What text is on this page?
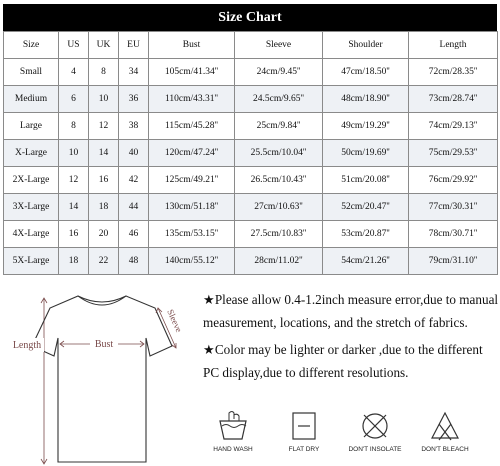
Size Chart
Size	US	UK	EU	Bust	Sleeve	Shoulder	Length
Small	4	8	34	105cm/41.34''	24cm/9.45''	47cm/18.50''	72cm/28.35''
Medium	6	10	36	110cm/43.31''	24.5cm/9.65''	48cm/18.90''	73cm/28.74''
Large	8	12	38	115cm/45.28''	25cm/9.84''	49cm/19.29''	74cm/29.13''
X-Large	10	14	40	120cm/47.24''	25.5cm/10.04''	50cm/19.69''	75cm/29.53''
2X-Large	12	16	42	125cm/49.21''	26.5cm/10.43''	51cm/20.08''	76cm/29.92''
3X-Large	14	18	44	130cm/51.18''	27cm/10.63''	52cm/20.47''	77cm/30.31''
4X-Large	16	20	46	135cm/53.15''	27.5cm/10.83''	53cm/20.87''	78cm/30.71''
5X-Large	18	22	48	140cm/55.12''	28cm/11.02''	54cm/21.26''	79cm/31.10''
Bust
Sleeve
Length

★Please allow 0.4-1.2inch measure error,due to manual measurement, locations, and the stretch of fabrics.

★Color may be lighter or darker ,due to the different PC display,due to different resolutions.

HAND WASH	FLAT DRY	DON'T INSOLATE	DON'T BLEACH
